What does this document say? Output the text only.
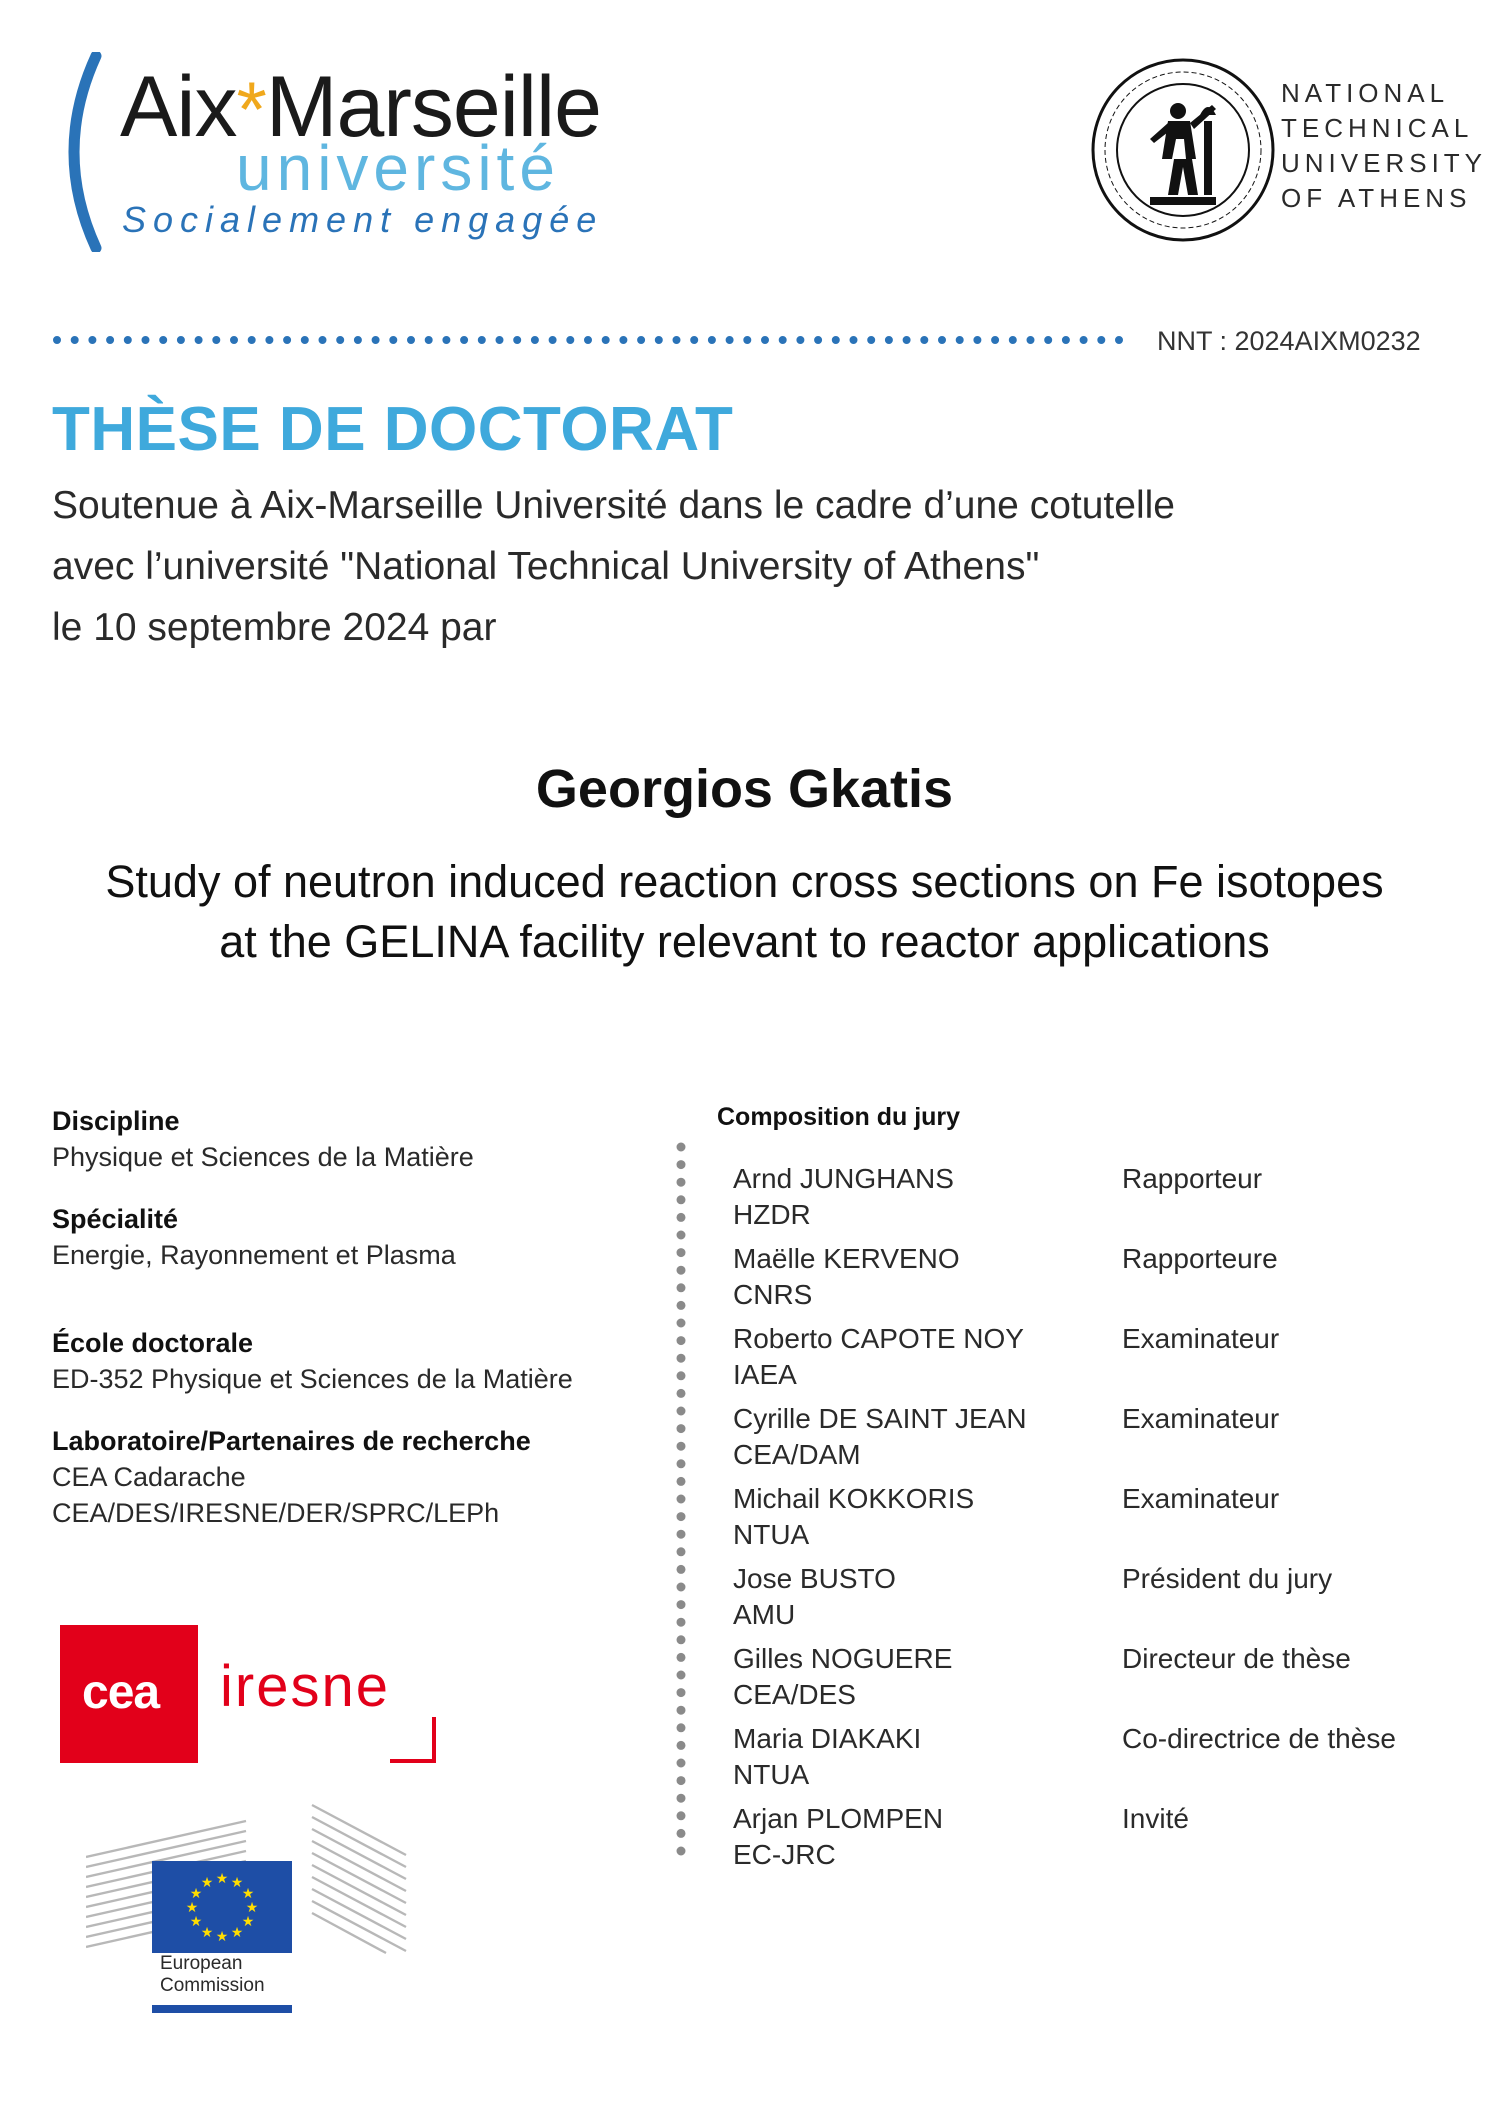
Aix*Marseille
université
Socialement engagée
NATIONAL
TECHNICAL
UNIVERSITY
OF ATHENS
NNT : 2024AIXM0232
THÈSE DE DOCTORAT
Soutenue à Aix-Marseille Université dans le cadre d’une cotutelle
avec l’université "National Technical University of Athens"
le 10 septembre 2024 par
Georgios Gkatis
Study of neutron induced reaction cross sections on Fe isotopes
at the GELINA facility relevant to reactor applications
Discipline
Physique et Sciences de la Matière
Spécialité
Energie, Rayonnement et Plasma
École doctorale
ED-352 Physique et Sciences de la Matière
Laboratoire/Partenaires de recherche
CEA Cadarache
CEA/DES/IRESNE/DER/SPRC/LEPh
Composition du jury
Arnd JUNGHANS
HZDR
Rapporteur
Maëlle KERVENO
CNRS
Rapporteure
Roberto CAPOTE NOY
IAEA
Examinateur
Cyrille DE SAINT JEAN
CEA/DAM
Examinateur
Michail KOKKORIS
NTUA
Examinateur
Jose BUSTO
AMU
Président du jury
Gilles NOGUERE
CEA/DES
Directeur de thèse
Maria DIAKAKI
NTUA
Co-directrice de thèse
Arjan PLOMPEN
EC-JRC
Invité
cea iresne
★ ★
★
★
★
★
★
★
★
★
★
★
European
Commission
